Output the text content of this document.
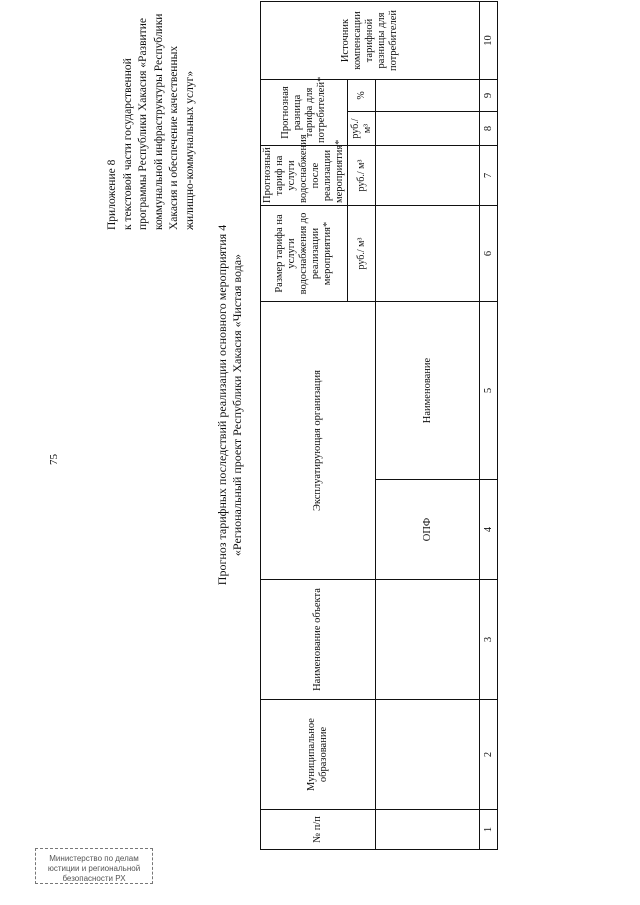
75
Приложение 8 к текстовой части государственной программы Республики Хакасия «Развитие коммунальной инфраструктуры Республики Хакасия и обеспечение качественных жилищно-коммунальных услуг»
Прогноз тарифных последствий реализации основного мероприятия 4 «Региональный проект Республики Хакасия «Чистая вода»
№ п/п	Муниципальное образование	Наименование объекта	Эксплуатирующая организация		Размер тарифа на услуги водоснабжения до реализации мероприятия*	Прогнозный тариф на услуги водоснабжения после реализации мероприятия*	Прогнозная разница тарифа для потребителей*		Источник компенсации тарифной разницы для потребителей
					руб./ м³	руб./ м³	руб./ м³	%	
			ОПФ	Наименование					
1	2	3	4	5	6	7	8	9	10
Министерство по делам
юстиции и региональной
безопасности РХ
